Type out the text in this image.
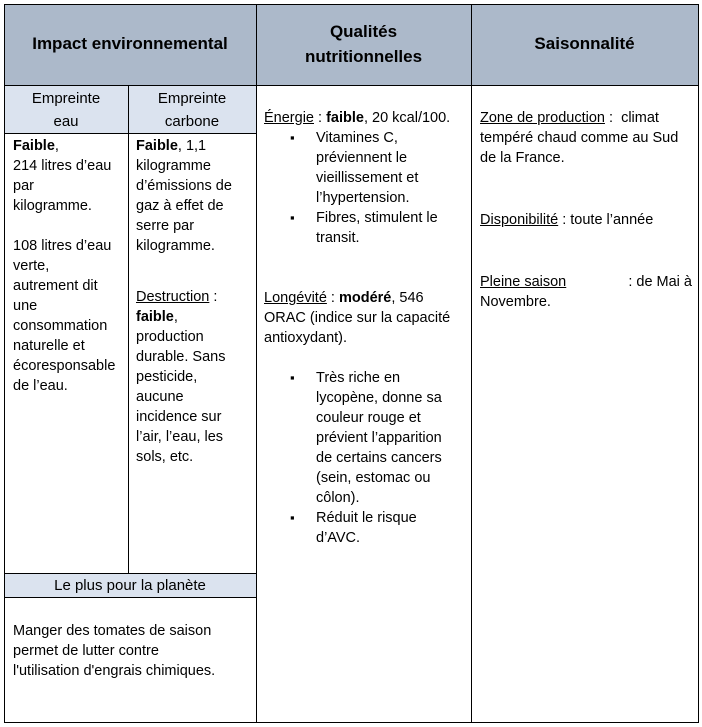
Impact environnemental
Qualités
nutritionnelles
Saisonnalité
Empreinte
eau
Empreinte
carbone
Le plus pour la planète

Faible,

214 litres d’eau

par

kilogramme.

108 litres d’eau

verte,

autrement dit

une

consommation

naturelle et

écoresponsable

de l’eau.

Faible, 1,1

kilogramme

d’émissions de

gaz à effet de

serre par

kilogramme.

Destruction :

faible,

production

durable. Sans

pesticide,

aucune

incidence sur

l’air, l’eau, les

sols, etc.

Énergie : faible, 20 kcal/100.

▪ Vitamines C,

préviennent le

vieillissement et

l’hypertension.

▪ Fibres, stimulent le

transit.

Longévité : modéré, 546

ORAC (indice sur la capacité

antioxydant).

▪ Très riche en

lycopène, donne sa

couleur rouge et

prévient l’apparition

de certains cancers

(sein, estomac ou

côlon).

▪ Réduit le risque

d’AVC.

Zone de production : climat

tempéré chaud comme au Sud

de la France.

Disponibilité : toute l’année

Pleine saison	: de Mai à

Novembre.

Manger des tomates de saison

permet de lutter contre

l'utilisation d'engrais chimiques.
